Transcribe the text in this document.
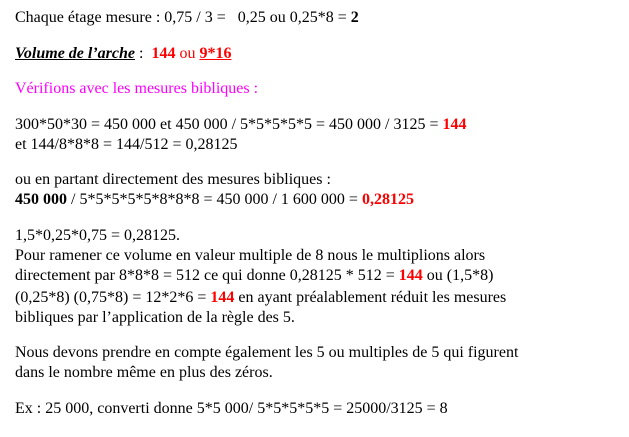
Chaque étage mesure : 0,75 / 3 =   0,25 ou 0,25*8 = 2
Volume de l’arche :  144 ou 9*16
Vérifions avec les mesures bibliques :
300*50*30 = 450 000 et 450 000 / 5*5*5*5*5 = 450 000 / 3125 = 144
et 144/8*8*8 = 144/512 = 0,28125
ou en partant directement des mesures bibliques :
450 000 / 5*5*5*5*5*8*8*8 = 450 000 / 1 600 000 = 0,28125
1,5*0,25*0,75 = 0,28125.
Pour ramener ce volume en valeur multiple de 8 nous le multiplions alors
directement par 8*8*8 = 512 ce qui donne 0,28125 * 512 = 144 ou (1,5*8)
(0,25*8) (0,75*8) = 12*2*6 = 144 en ayant préalablement réduit les mesures
bibliques par l’application de la règle des 5.
Nous devons prendre en compte également les 5 ou multiples de 5 qui figurent
dans le nombre même en plus des zéros.
Ex : 25 000, converti donne 5*5 000/ 5*5*5*5*5 = 25000/3125 = 8
